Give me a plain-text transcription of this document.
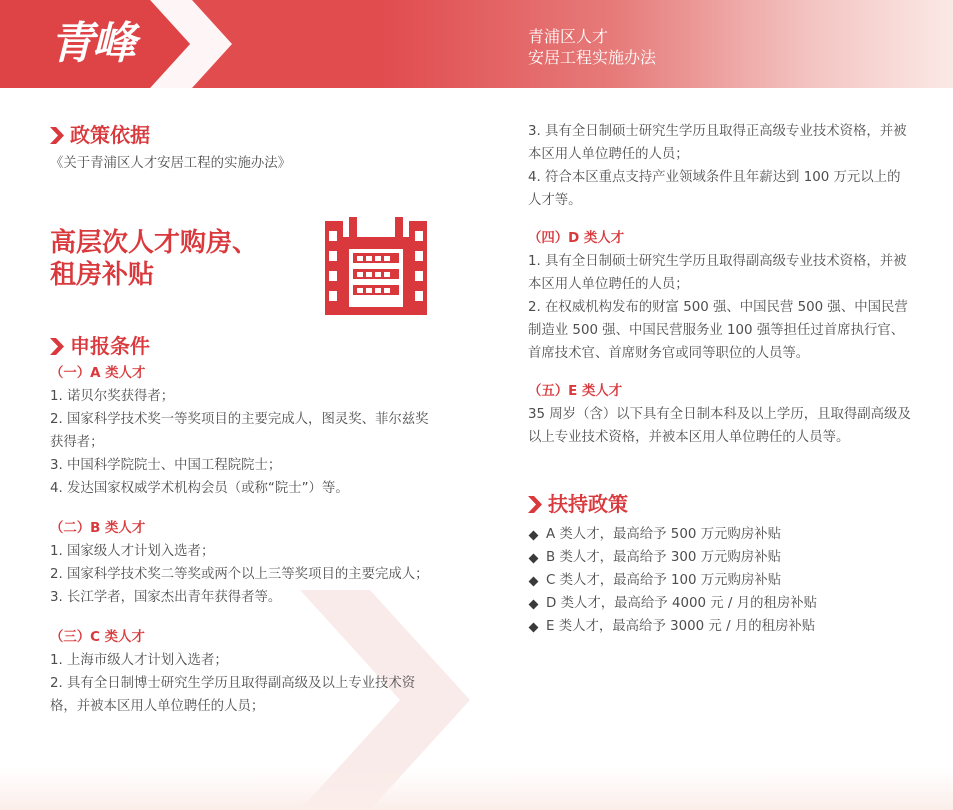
青峰	青浦区人才
安居工程实施办法
政策依据
《关于青浦区人才安居工程的实施办法》
高层次人才购房、
租房补贴
申报条件
（一）A 类人才
1. 诺贝尔奖获得者；
2. 国家科学技术奖一等奖项目的主要完成人，图灵奖、菲尔兹奖获得者；
3. 中国科学院院士、中国工程院院士；
4. 发达国家权威学术机构会员（或称“院士”）等。
（二）B 类人才
1. 国家级人才计划入选者；
2. 国家科学技术奖二等奖或两个以上三等奖项目的主要完成人；
3. 长江学者，国家杰出青年获得者等。
（三）C 类人才
1. 上海市级人才计划入选者；
2. 具有全日制博士研究生学历且取得副高级及以上专业技术资格，并被本区用人单位聘任的人员；
3. 具有全日制硕士研究生学历且取得正高级专业技术资格，并被本区用人单位聘任的人员；
4. 符合本区重点支持产业领域条件且年薪达到 100 万元以上的人才等。
（四）D 类人才
1. 具有全日制硕士研究生学历且取得副高级专业技术资格，并被本区用人单位聘任的人员；
2. 在权威机构发布的财富 500 强、中国民营 500 强、中国民营制造业 500 强、中国民营服务业 100 强等担任过首席执行官、首席技术官、首席财务官或同等职位的人员等。
（五）E 类人才
35 周岁（含）以下具有全日制本科及以上学历，且取得副高级及以上专业技术资格，并被本区用人单位聘任的人员等。
扶持政策
A 类人才，最高给予 500 万元购房补贴
B 类人才，最高给予 300 万元购房补贴
C 类人才，最高给予 100 万元购房补贴
D 类人才，最高给予 4000 元 / 月的租房补贴
E 类人才，最高给予 3000 元 / 月的租房补贴
